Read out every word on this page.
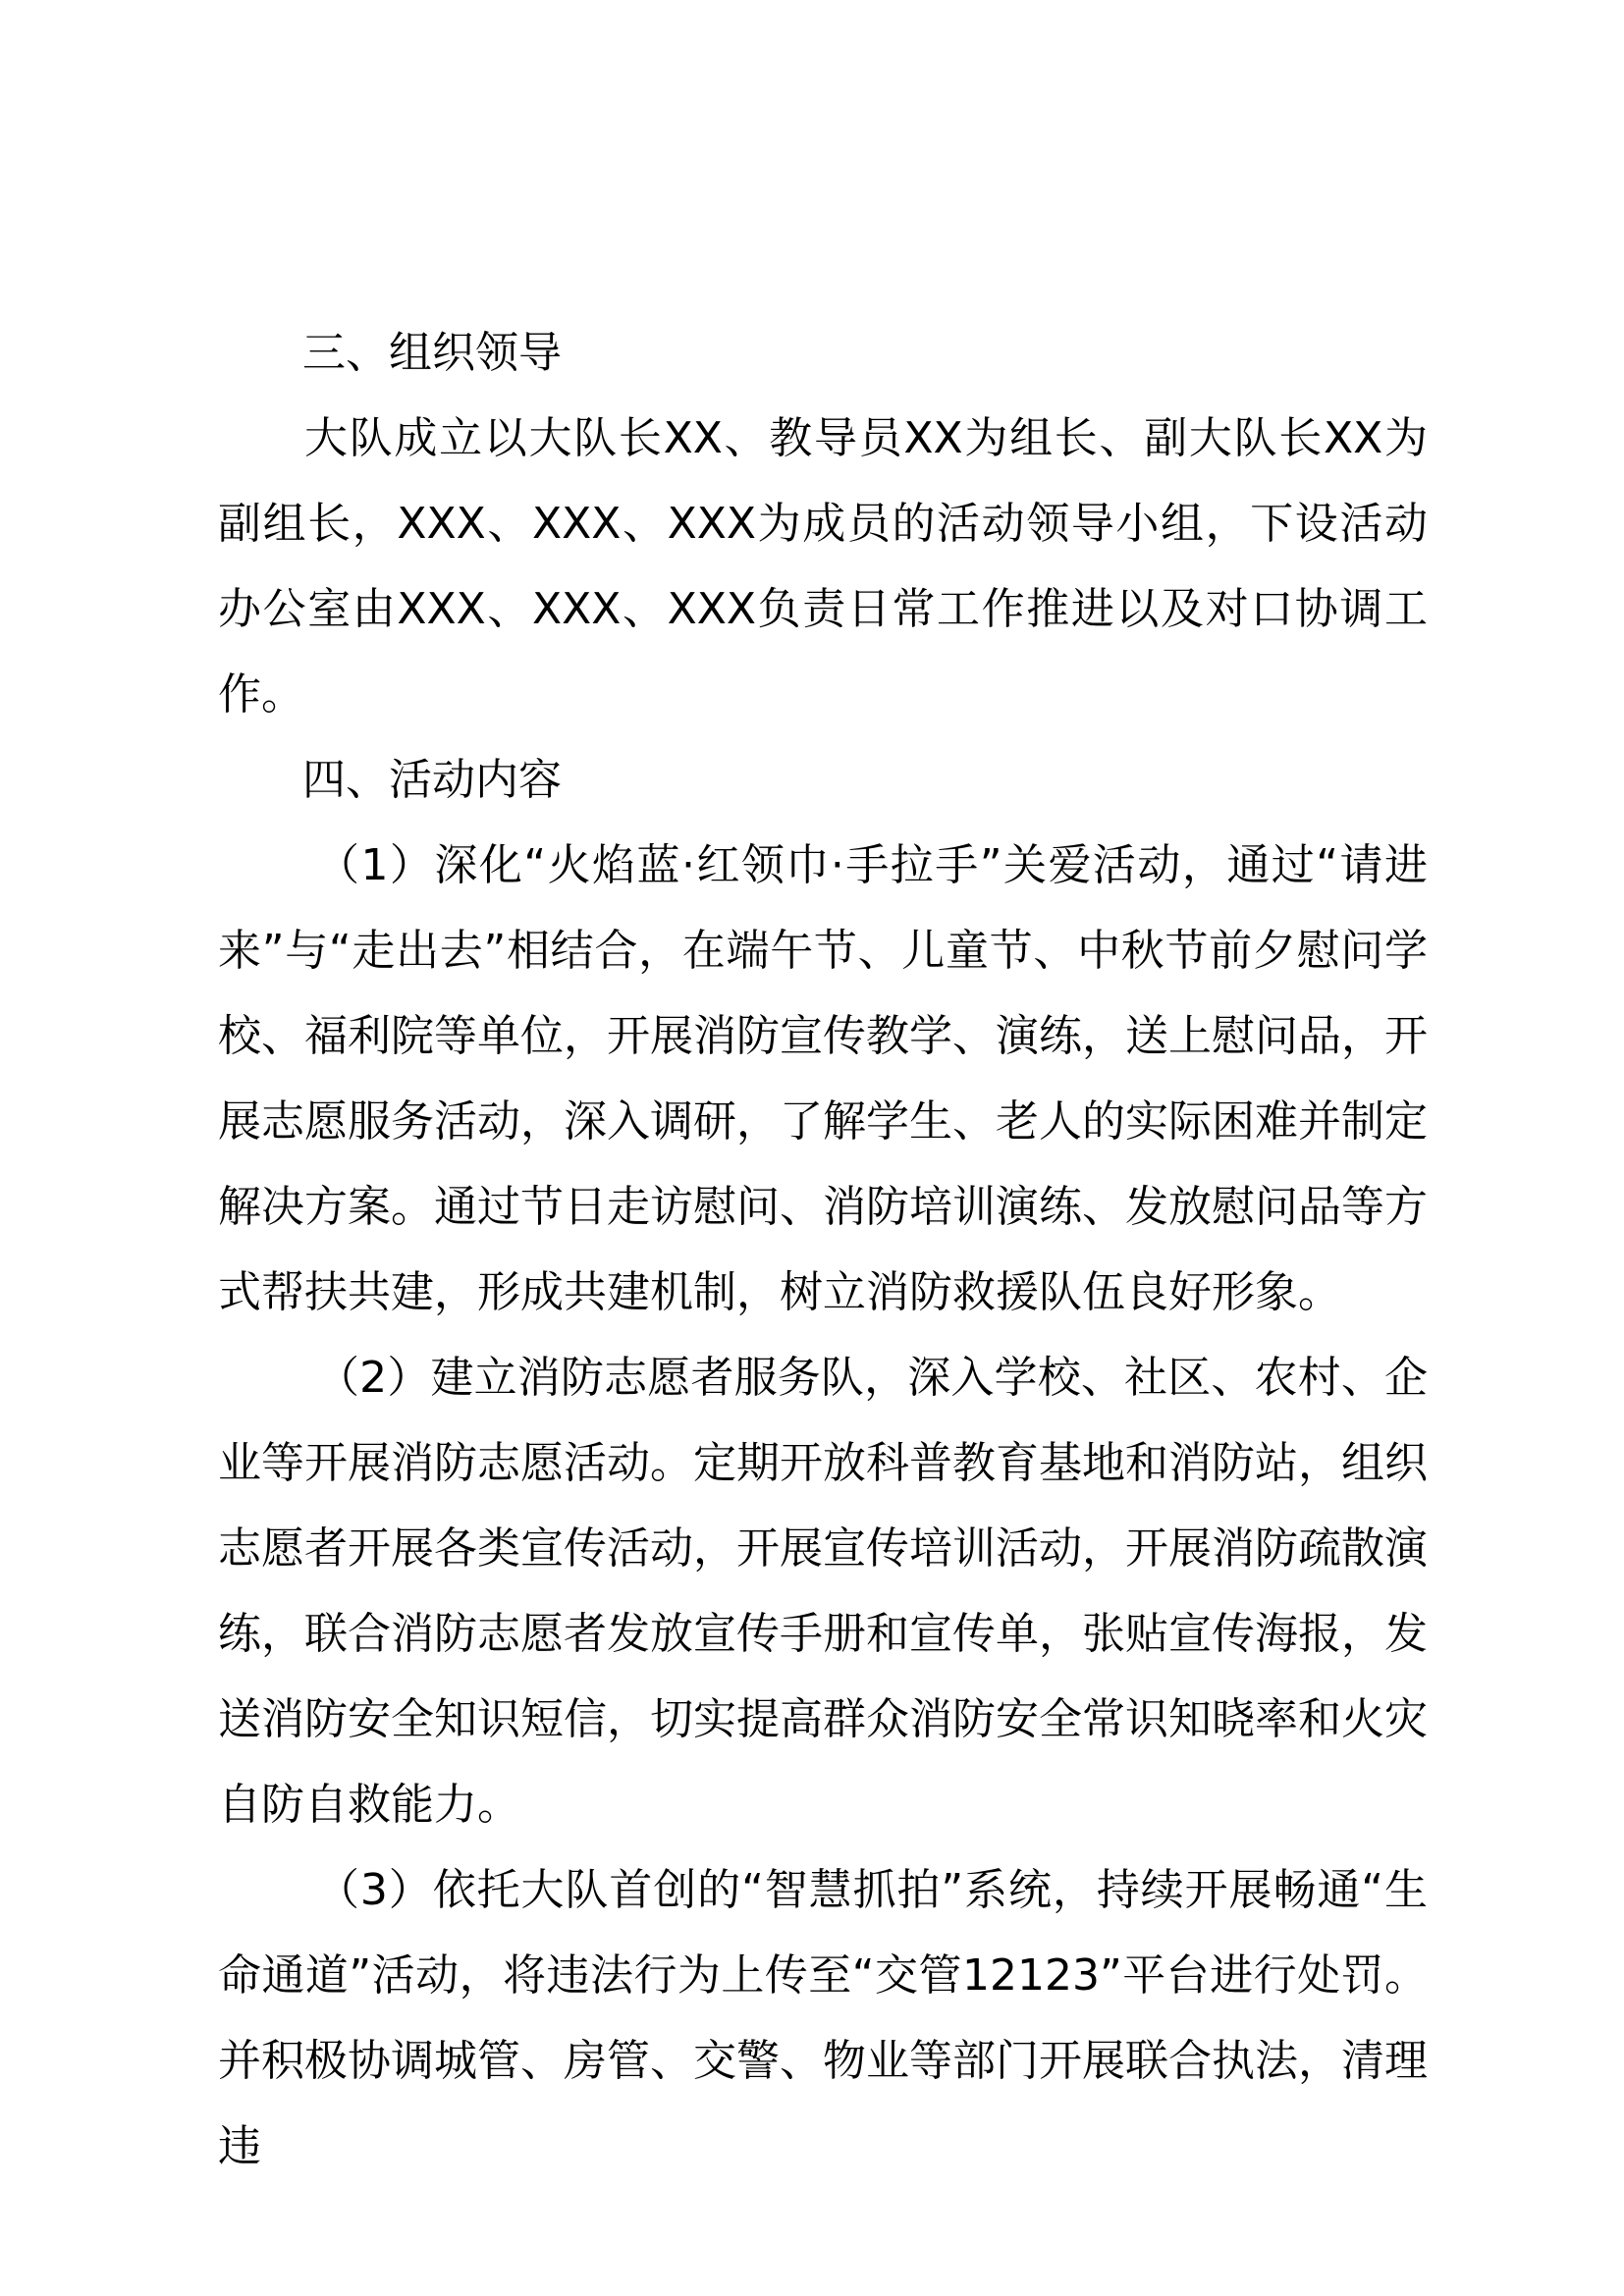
三、组织领导

大队成立以大队长XX、教导员XX为组长、副大队长XX为副组长，XXX、XXX、XXX为成员的活动领导小组，下设活动办公室由XXX、XXX、XXX负责日常工作推进以及对口协调工作。

四、活动内容

（1）深化“火焰蓝·红领巾·手拉手”关爱活动，通过“请进来”与“走出去”相结合，在端午节、儿童节、中秋节前夕慰问学校、福利院等单位，开展消防宣传教学、演练，送上慰问品，开展志愿服务活动，深入调研，了解学生、老人的实际困难并制定解决方案。通过节日走访慰问、消防培训演练、发放慰问品等方式帮扶共建，形成共建机制，树立消防救援队伍良好形象。

（2）建立消防志愿者服务队，深入学校、社区、农村、企业等开展消防志愿活动。定期开放科普教育基地和消防站，组织志愿者开展各类宣传活动，开展宣传培训活动，开展消防疏散演练，联合消防志愿者发放宣传手册和宣传单，张贴宣传海报，发送消防安全知识短信，切实提高群众消防安全常识知晓率和火灾自防自救能力。

（3）依托大队首创的“智慧抓拍”系统，持续开展畅通“生命通道”活动，将违法行为上传至“交管12123”平台进行处罚。并积极协调城管、房管、交警、物业等部门开展联合执法，清理违
